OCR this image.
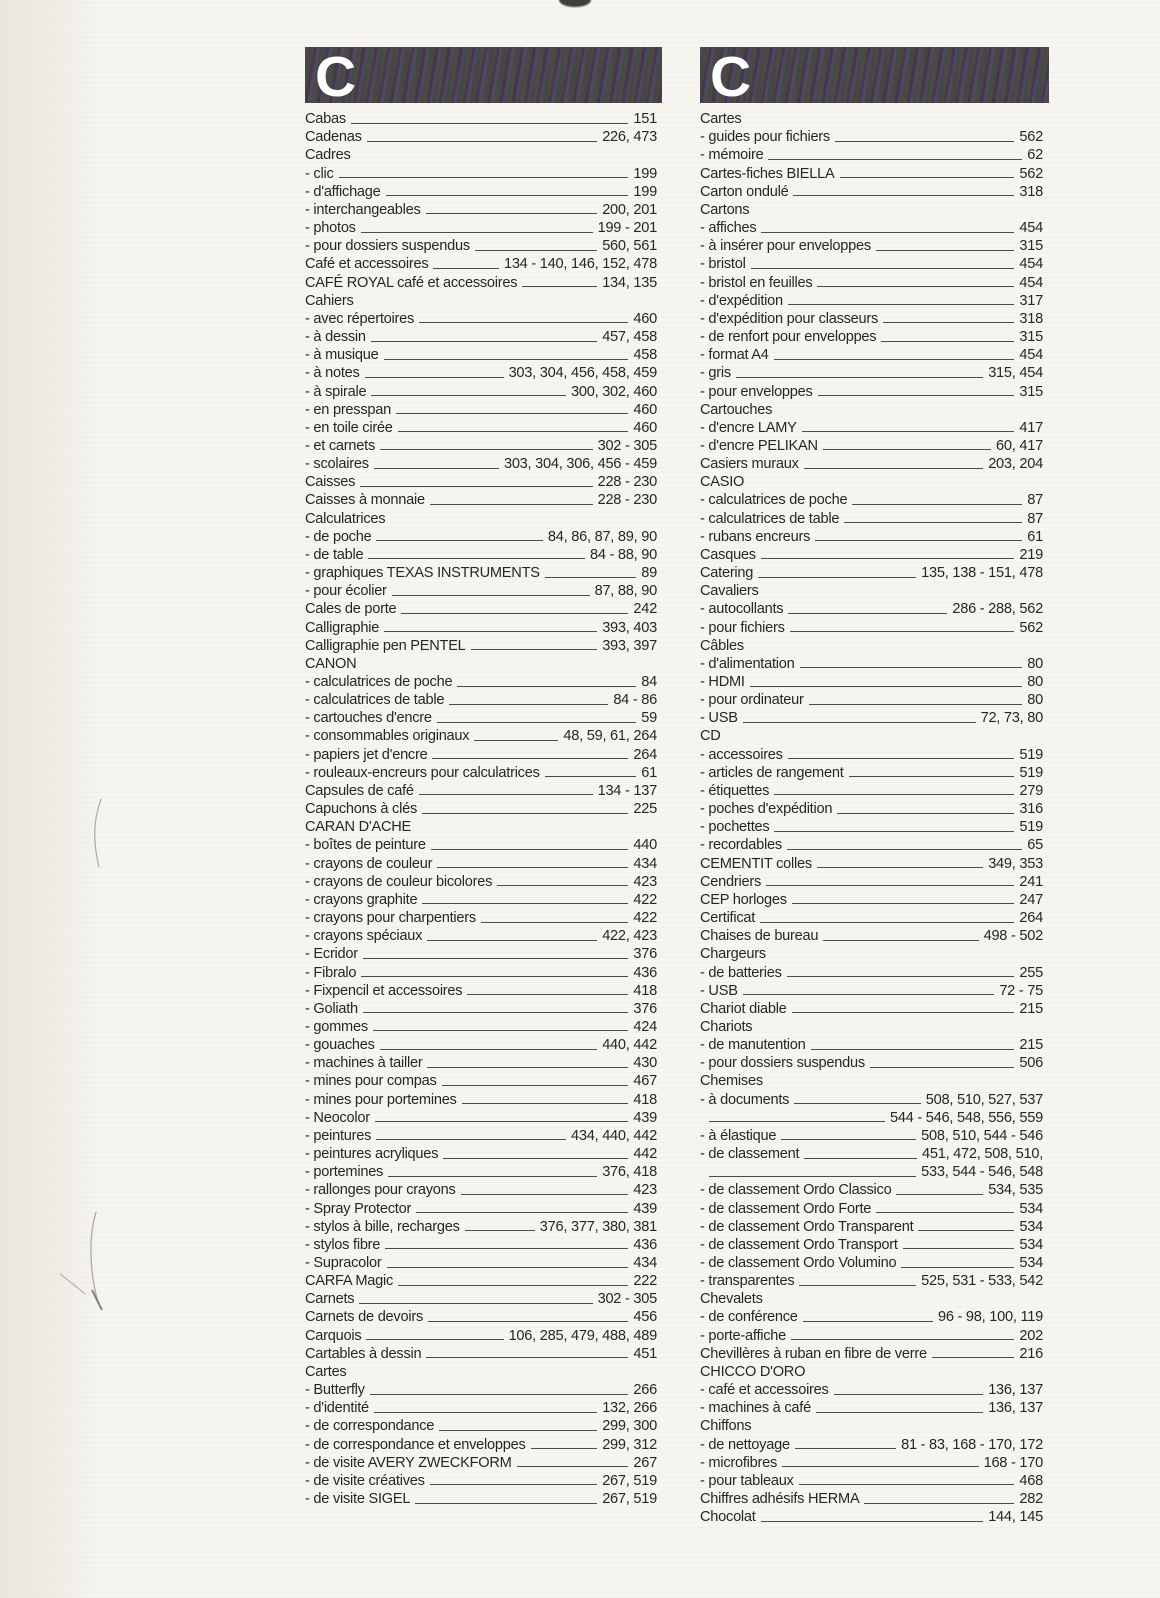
C
Cabas	151
Cadenas	226, 473
Cadres
- clic	199
- d'affichage	199
- interchangeables	200, 201
- photos	199 - 201
- pour dossiers suspendus	560, 561
Café et accessoires	134 - 140, 146, 152, 478
CAFÉ ROYAL café et accessoires	134, 135
Cahiers
- avec répertoires	460
- à dessin	457, 458
- à musique	458
- à notes	303, 304, 456, 458, 459
- à spirale	300, 302, 460
- en presspan	460
- en toile cirée	460
- et carnets	302 - 305
- scolaires	303, 304, 306, 456 - 459
Caisses	228 - 230
Caisses à monnaie	228 - 230
Calculatrices
- de poche	84, 86, 87, 89, 90
- de table	84 - 88, 90
- graphiques TEXAS INSTRUMENTS	89
- pour écolier	87, 88, 90
Cales de porte	242
Calligraphie	393, 403
Calligraphie pen PENTEL	393, 397
CANON
- calculatrices de poche	84
- calculatrices de table	84 - 86
- cartouches d'encre	59
- consommables originaux	48, 59, 61, 264
- papiers jet d'encre	264
- rouleaux-encreurs pour calculatrices	61
Capsules de café	134 - 137
Capuchons à clés	225
CARAN D'ACHE
- boîtes de peinture	440
- crayons de couleur	434
- crayons de couleur bicolores	423
- crayons graphite	422
- crayons pour charpentiers	422
- crayons spéciaux	422, 423
- Ecridor	376
- Fibralo	436
- Fixpencil et accessoires	418
- Goliath	376
- gommes	424
- gouaches	440, 442
- machines à tailler	430
- mines pour compas	467
- mines pour portemines	418
- Neocolor	439
- peintures	434, 440, 442
- peintures acryliques	442
- portemines	376, 418
- rallonges pour crayons	423
- Spray Protector	439
- stylos à bille, recharges	376, 377, 380, 381
- stylos fibre	436
- Supracolor	434
CARFA Magic	222
Carnets	302 - 305
Carnets de devoirs	456
Carquois	106, 285, 479, 488, 489
Cartables à dessin	451
Cartes
- Butterfly	266
- d'identité	132, 266
- de correspondance	299, 300
- de correspondance et enveloppes	299, 312
- de visite AVERY ZWECKFORM	267
- de visite créatives	267, 519
- de visite SIGEL	267, 519
C
Cartes
- guides pour fichiers	562
- mémoire	62
Cartes-fiches BIELLA	562
Carton ondulé	318
Cartons
- affiches	454
- à insérer pour enveloppes	315
- bristol	454
- bristol en feuilles	454
- d'expédition	317
- d'expédition pour classeurs	318
- de renfort pour enveloppes	315
- format A4	454
- gris	315, 454
- pour enveloppes	315
Cartouches
- d'encre LAMY	417
- d'encre PELIKAN	60, 417
Casiers muraux	203, 204
CASIO
- calculatrices de poche	87
- calculatrices de table	87
- rubans encreurs	61
Casques	219
Catering	135, 138 - 151, 478
Cavaliers
- autocollants	286 - 288, 562
- pour fichiers	562
Câbles
- d'alimentation	80
- HDMI	80
- pour ordinateur	80
- USB	72, 73, 80
CD
- accessoires	519
- articles de rangement	519
- étiquettes	279
- poches d'expédition	316
- pochettes	519
- recordables	65
CEMENTIT colles	349, 353
Cendriers	241
CEP horloges	247
Certificat	264
Chaises de bureau	498 - 502
Chargeurs
- de batteries	255
- USB	72 - 75
Chariot diable	215
Chariots
- de manutention	215
- pour dossiers suspendus	506
Chemises
- à documents	508, 510, 527, 537
544 - 546, 548, 556, 559
- à élastique	508, 510, 544 - 546
- de classement	451, 472, 508, 510,
533, 544 - 546, 548
- de classement Ordo Classico	534, 535
- de classement Ordo Forte	534
- de classement Ordo Transparent	534
- de classement Ordo Transport	534
- de classement Ordo Volumino	534
- transparentes	525, 531 - 533, 542
Chevalets
- de conférence	96 - 98, 100, 119
- porte-affiche	202
Chevillères à ruban en fibre de verre	216
CHICCO D'ORO
- café et accessoires	136, 137
- machines à café	136, 137
Chiffons
- de nettoyage	81 - 83, 168 - 170, 172
- microfibres	168 - 170
- pour tableaux	468
Chiffres adhésifs HERMA	282
Chocolat	144, 145
